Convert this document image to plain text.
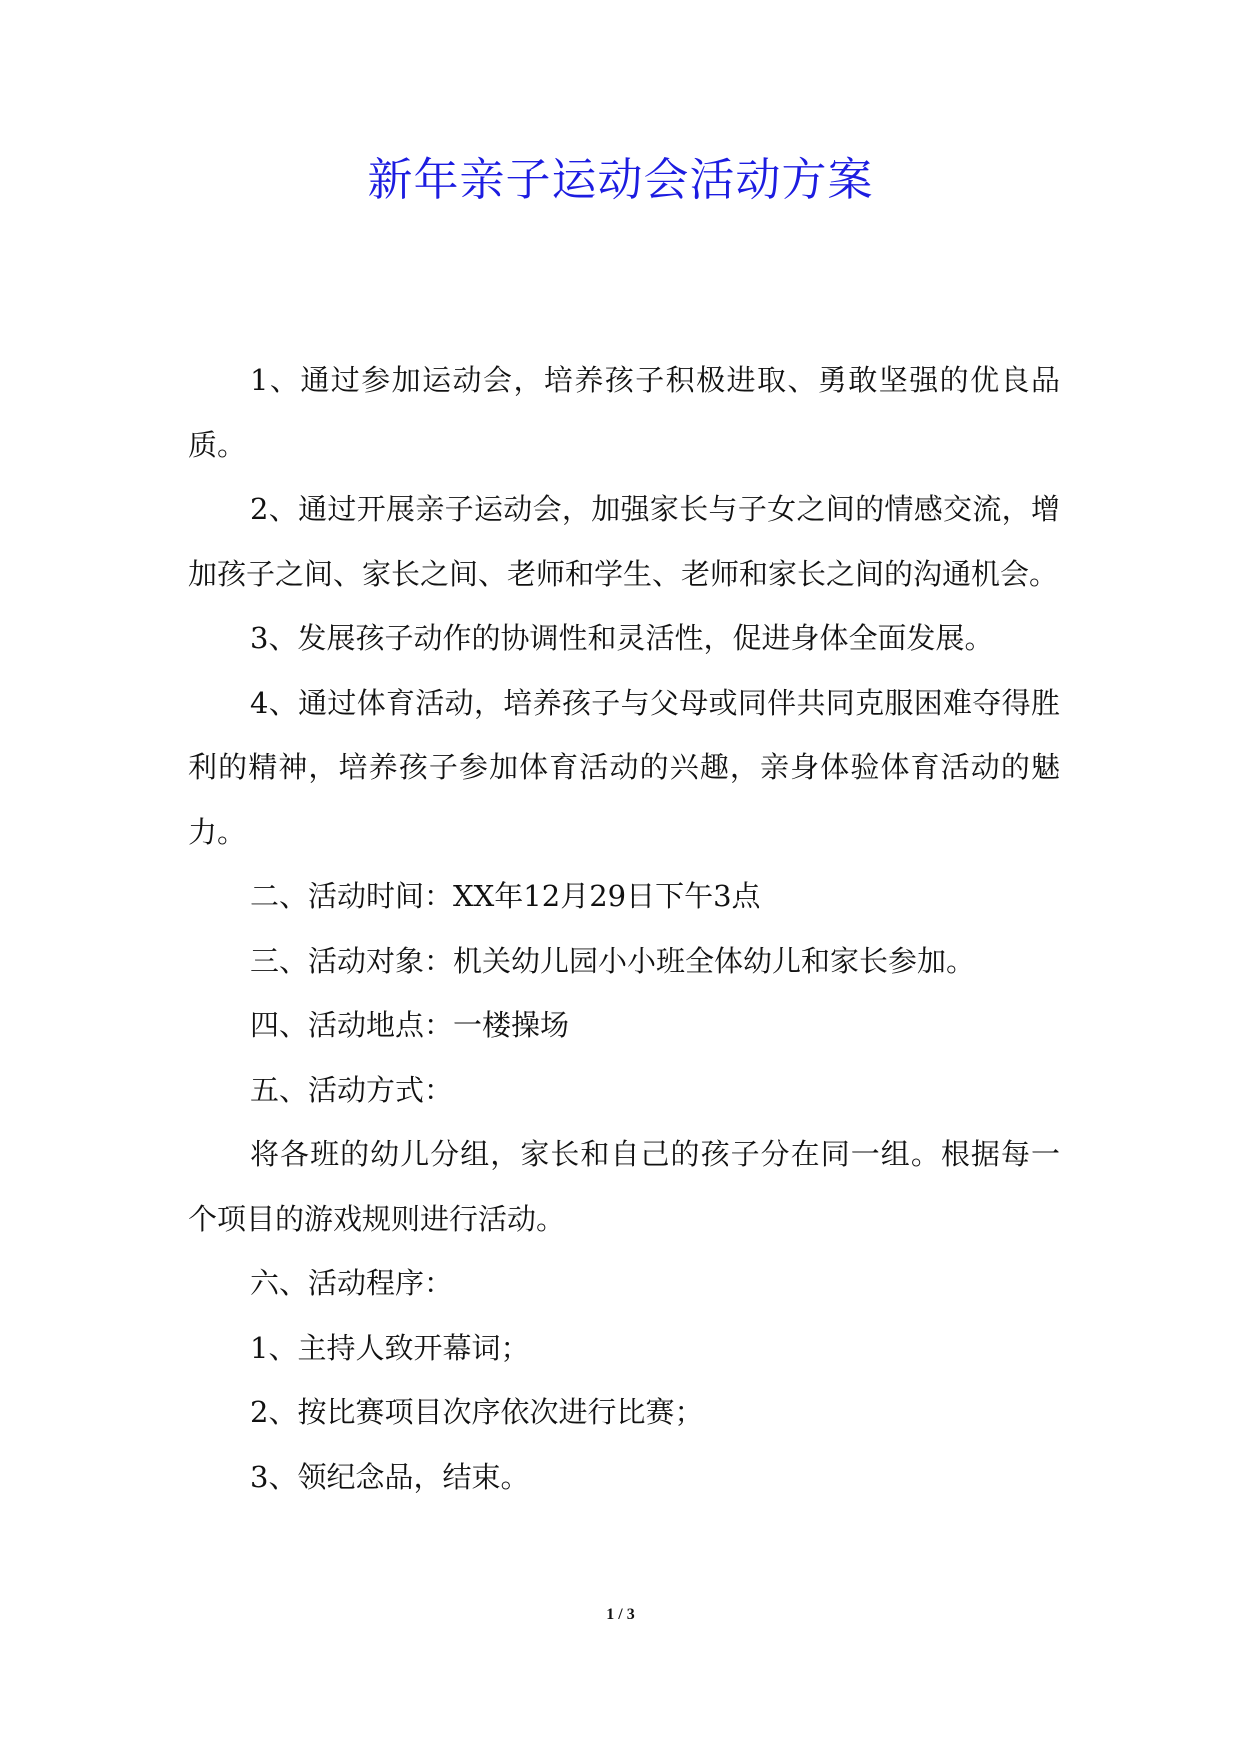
新年亲子运动会活动方案

1、通过参加运动会，培养孩子积极进取、勇敢坚强的优良品质。

2、通过开展亲子运动会，加强家长与子女之间的情感交流，增加孩子之间、家长之间、老师和学生、老师和家长之间的沟通机会。

3、发展孩子动作的协调性和灵活性，促进身体全面发展。

4、通过体育活动，培养孩子与父母或同伴共同克服困难夺得胜利的精神，培养孩子参加体育活动的兴趣，亲身体验体育活动的魅力。

二、活动时间：XX年12月29日下午3点

三、活动对象：机关幼儿园小小班全体幼儿和家长参加。

四、活动地点：一楼操场

五、活动方式：

将各班的幼儿分组，家长和自己的孩子分在同一组。根据每一个项目的游戏规则进行活动。

六、活动程序：

1、主持人致开幕词；

2、按比赛项目次序依次进行比赛；

3、领纪念品，结束。

1 / 3
